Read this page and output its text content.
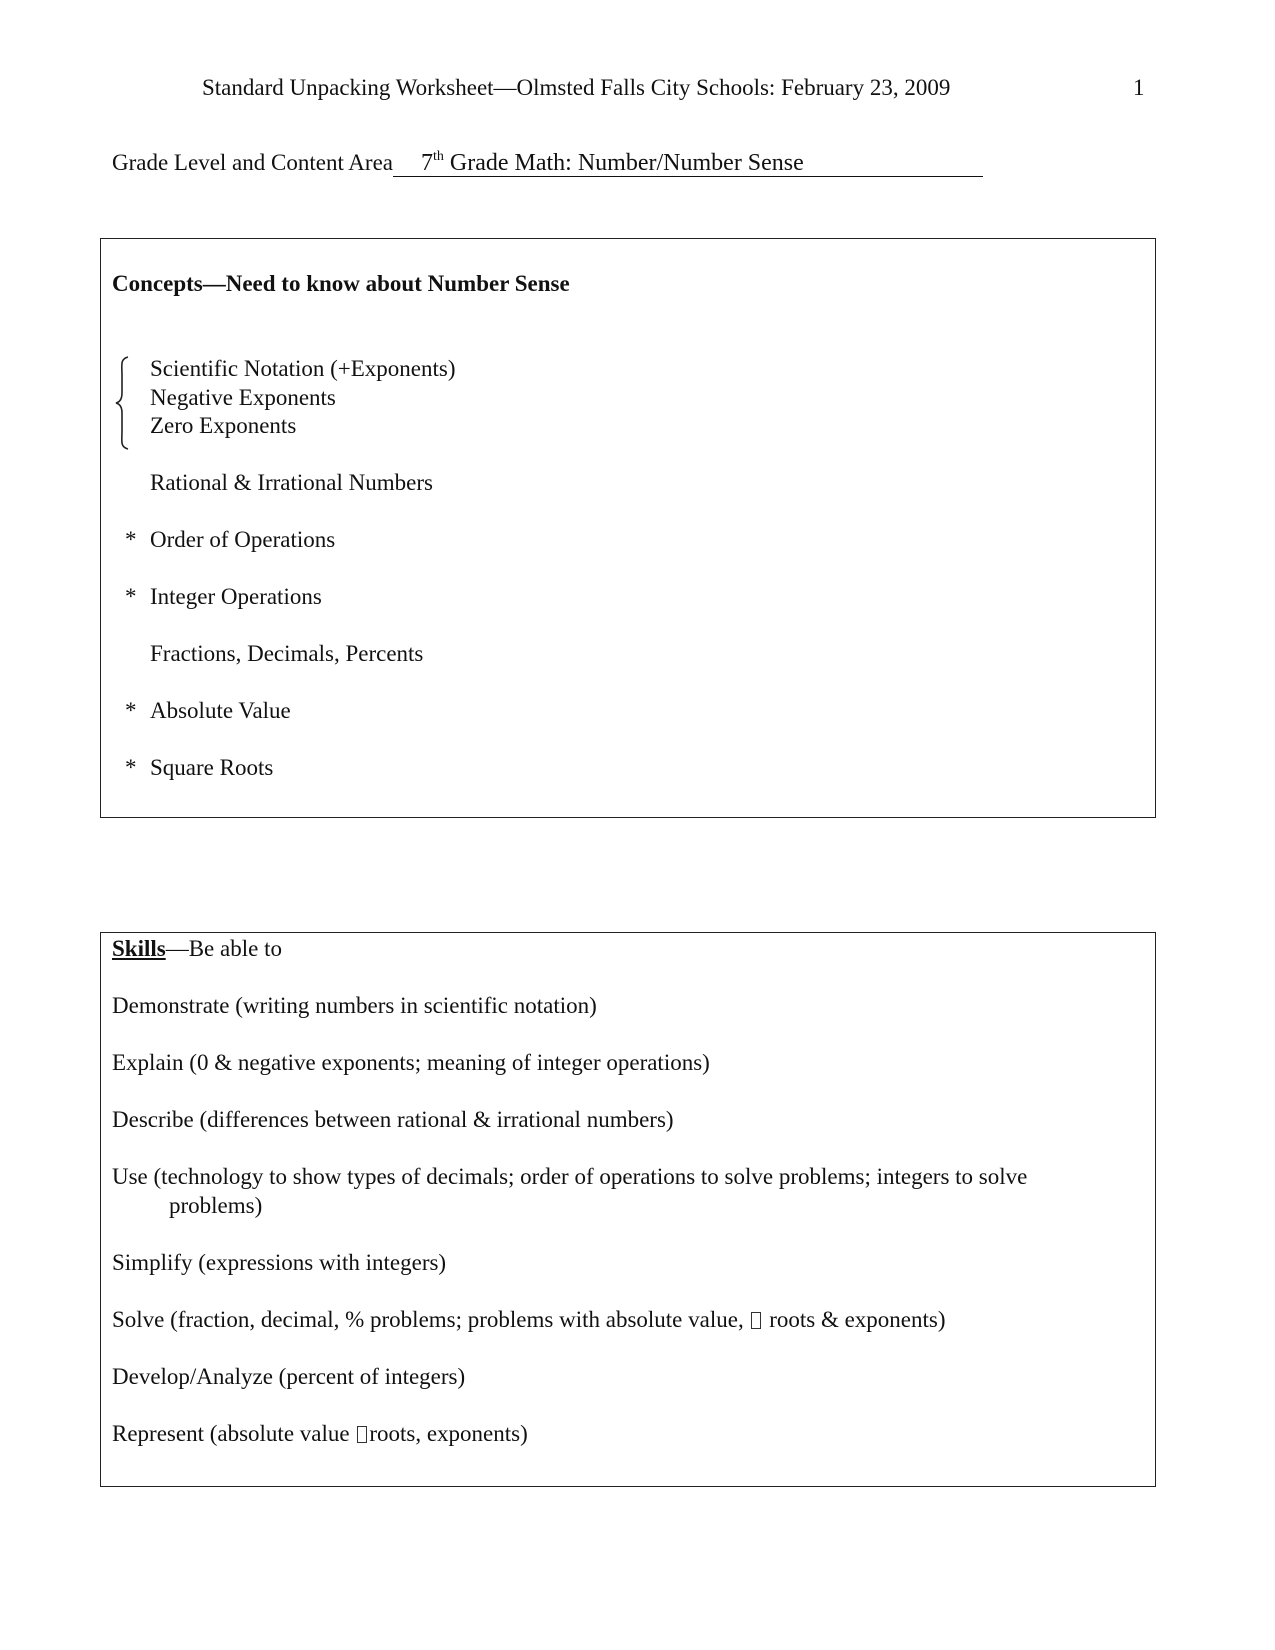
Standard Unpacking Worksheet—Olmsted Falls City Schools: February 23, 2009	1
Grade Level and Content Area 7th Grade Math: Number/Number Sense
Concepts—Need to know about Number Sense
Scientific Notation (+Exponents)
Negative Exponents
Zero Exponents
Rational & Irrational Numbers
* Order of Operations
* Integer Operations
Fractions, Decimals, Percents
* Absolute Value
* Square Roots
Skills—Be able to
Demonstrate (writing numbers in scientific notation)
Explain (0 & negative exponents; meaning of integer operations)
Describe (differences between rational & irrational numbers)
Use (technology to show types of decimals; order of operations to solve problems; integers to solve
problems)
Simplify (expressions with integers)
Solve (fraction, decimal, % problems; problems with absolute value, roots & exponents)
Develop/Analyze (percent of integers)
Represent (absolute value roots, exponents)
